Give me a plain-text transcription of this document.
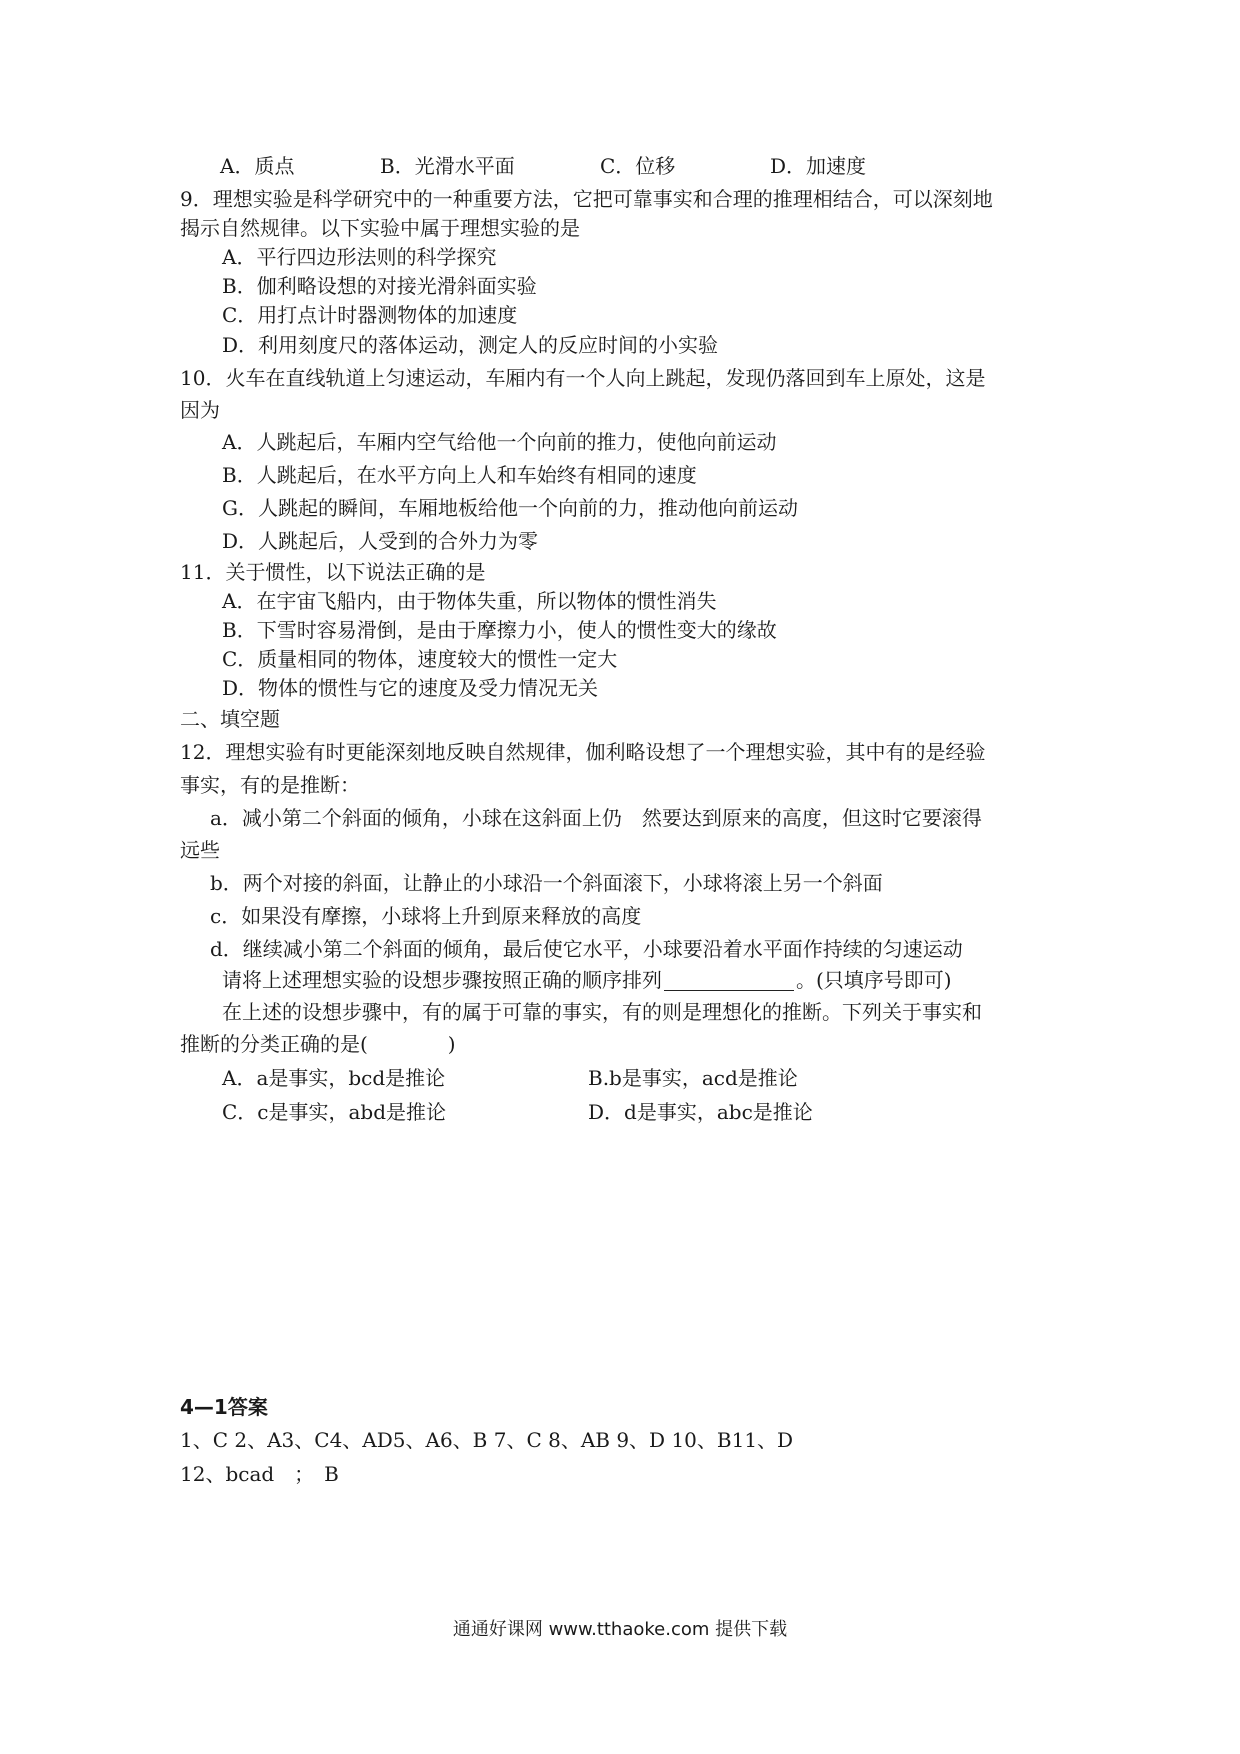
A．质点	B．光滑水平面	C．位移	D．加速度
9．理想实验是科学研究中的一种重要方法，它把可靠事实和合理的推理相结合，可以深刻地
揭示自然规律。以下实验中属于理想实验的是
A．平行四边形法则的科学探究
B．伽利略设想的对接光滑斜面实验
C．用打点计时器测物体的加速度
D．利用刻度尺的落体运动，测定人的反应时间的小实验
10．火车在直线轨道上匀速运动，车厢内有一个人向上跳起，发现仍落回到车上原处，这是
因为
A．人跳起后，车厢内空气给他一个向前的推力，使他向前运动
B．人跳起后，在水平方向上人和车始终有相同的速度
G．人跳起的瞬间，车厢地板给他一个向前的力，推动他向前运动
D．人跳起后，人受到的合外力为零
11．关于惯性，以下说法正确的是
A．在宇宙飞船内，由于物体失重，所以物体的惯性消失
B．下雪时容易滑倒，是由于摩擦力小，使人的惯性变大的缘故
C．质量相同的物体，速度较大的惯性一定大
D．物体的惯性与它的速度及受力情况无关
二、填空题
12．理想实验有时更能深刻地反映自然规律，伽利略设想了一个理想实验，其中有的是经验
事实，有的是推断：
a．减小第二个斜面的倾角，小球在这斜面上仍　然要达到原来的高度，但这时它要滚得
远些
b．两个对接的斜面，让静止的小球沿一个斜面滚下，小球将滚上另一个斜面
c．如果没有摩擦，小球将上升到原来释放的高度
d．继续减小第二个斜面的倾角，最后使它水平，小球要沿着水平面作持续的匀速运动
请将上述理想实验的设想步骤按照正确的顺序排列	。(只填序号即可)
在上述的设想步骤中，有的属于可靠的事实，有的则是理想化的推断。下列关于事实和
推断的分类正确的是(　　　　)
A．a是事实，bcd是推论	B.b是事实，acd是推论
C．c是事实，abd是推论	D．d是事实，abc是推论
4—1答案
1、C 2、A3、C4、AD5、A6、B 7、C 8、AB 9、D 10、B11、D
12、bcad　；　B
通通好课网 www.tthaoke.com 提供下载
